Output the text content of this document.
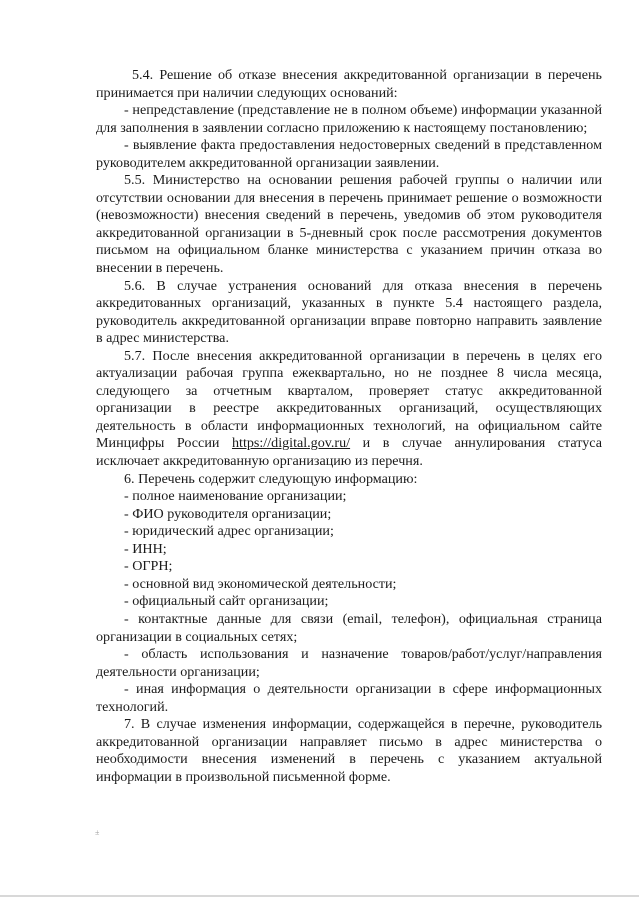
5.4. Решение об отказе внесения аккредитованной организации в перечень принимается при наличии следующих оснований:

- непредставление (представление не в полном объеме) информации указанной для заполнения в заявлении согласно приложению к настоящему постановлению;

- выявление факта предоставления недостоверных сведений в представленном руководителем аккредитованной организации заявлении.

5.5. Министерство на основании решения рабочей группы о наличии или отсутствии основании для внесения в перечень принимает решение о возможности (невозможности) внесения сведений в перечень, уведомив об этом руководителя аккредитованной организации в 5-дневный срок после рассмотрения документов письмом на официальном бланке министерства с указанием причин отказа во внесении в перечень.

5.6. В случае устранения оснований для отказа внесения в перечень аккредитованных организаций, указанных в пункте 5.4 настоящего раздела, руководитель аккредитованной организации вправе повторно направить заявление в адрес министерства.

5.7. После внесения аккредитованной организации в перечень в целях его актуализации рабочая группа ежеквартально, но не позднее 8 числа месяца, следующего за отчетным кварталом, проверяет статус аккредитованной организации в реестре аккредитованных организаций, осуществляющих деятельность в области информационных технологий, на официальном сайте Минцифры России https://digital.gov.ru/ и в случае аннулирования статуса исключает аккредитованную организацию из перечня.

6. Перечень содержит следующую информацию:

- полное наименование организации;

- ФИО руководителя организации;

- юридический адрес организации;

- ИНН;

- ОГРН;

- основной вид экономической деятельности;

- официальный сайт организации;

- контактные данные для связи (email, телефон), официальная страница организации в социальных сетях;

- область использования и назначение товаров/работ/услуг/направления деятельности организации;

- иная информация о деятельности организации в сфере информационных технологий.

7. В случае изменения информации, содержащейся в перечне, руководитель аккредитованной организации направляет письмо в адрес министерства о необходимости внесения изменений в перечень с указанием актуальной информации в произвольной письменной форме.

±
